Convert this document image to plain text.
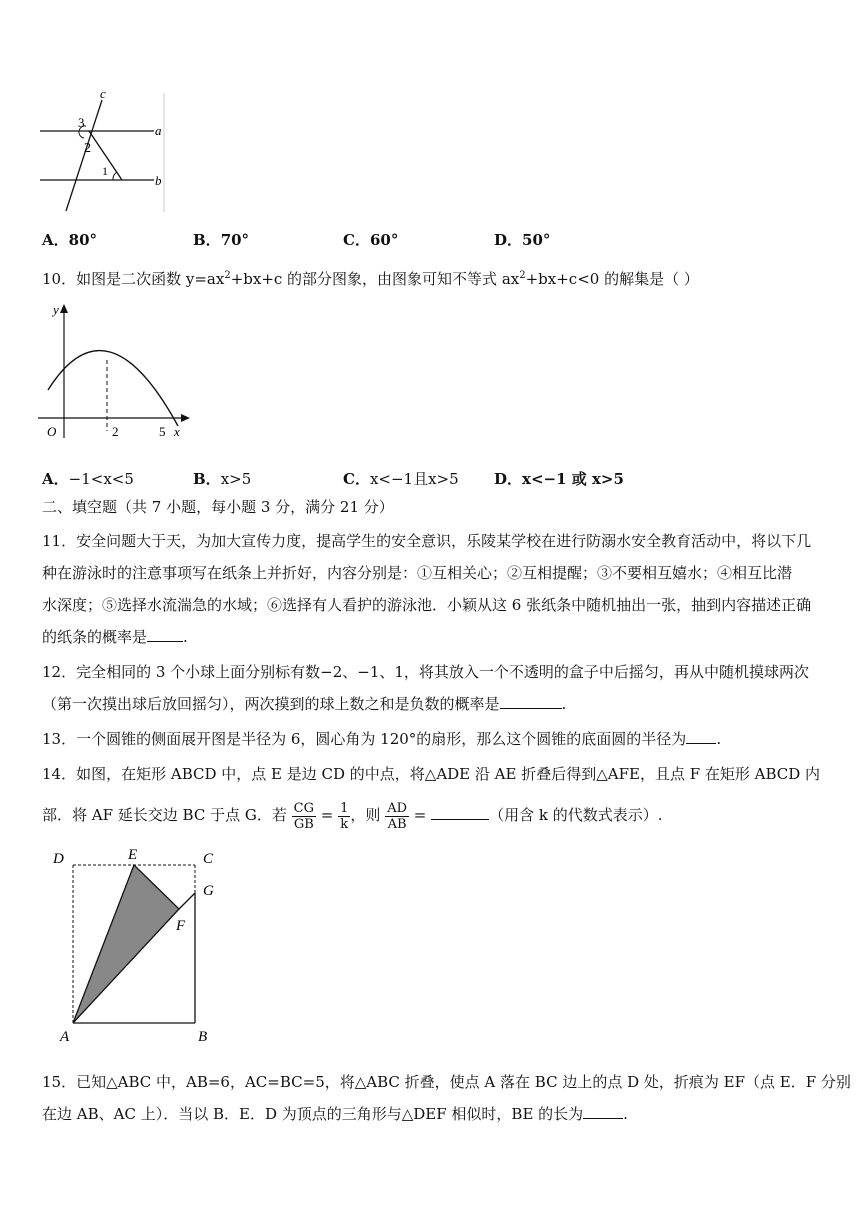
c
a
b
3
2
1
A．80°	B．70°	C．60°	D．50°
10．如图是二次函数 $y=ax^2+bx+c$ 的部分图象，由图象可知不等式 $ax^2+bx+c<0$ 的解集是（ ）
y
O	2	5 x
A．−1<x<5	B．x>5	C．x<−1且x>5 D．x<−1 或 x>5
二、填空题（共 7 小题，每小题 3 分，满分 21 分）
11．安全问题大于天，为加大宣传力度，提高学生的安全意识，乐陵某学校在进行防溺水安全教育活动中，将以下几
种在游泳时的注意事项写在纸条上并折好，内容分别是：①互相关心；②互相提醒；③不要相互嬉水；④相互比潜
水深度；⑤选择水流湍急的水域；⑥选择有人看护的游泳池．小颖从这 6 张纸条中随机抽出一张，抽到内容描述正确
的纸条的概率是 .
12．完全相同的 3 个小球上面分别标有数−2、−1、1，将其放入一个不透明的盒子中后摇匀，再从中随机摸球两次
（第一次摸出球后放回摇匀），两次摸到的球上数之和是负数的概率是	.
13．一个圆锥的侧面展开图是半径为 6，圆心角为 120°的扇形，那么这个圆锥的底面圆的半径为 .
14．如图，在矩形 ABCD 中，点 E 是边 CD 的中点，将△ADE 沿 AE 折叠后得到△AFE，且点 F 在矩形 ABCD 内
部．将 AF 延长交边 BC 于点 G．若 $\frac{CG}{GB} = \frac{1}{k}$ ，则 $\frac{AD}{AB}$ =	（用含 k 的代数式表示）.
D	E	C
G
F
A	B
15．已知△ABC 中，AB=6，AC=BC=5，将△ABC 折叠，使点 A 落在 BC 边上的点 D 处，折痕为 EF（点 E．F 分别
在边 AB、AC 上）．当以 B．E．D 为顶点的三角形与△DEF 相似时，BE 的长为	.
